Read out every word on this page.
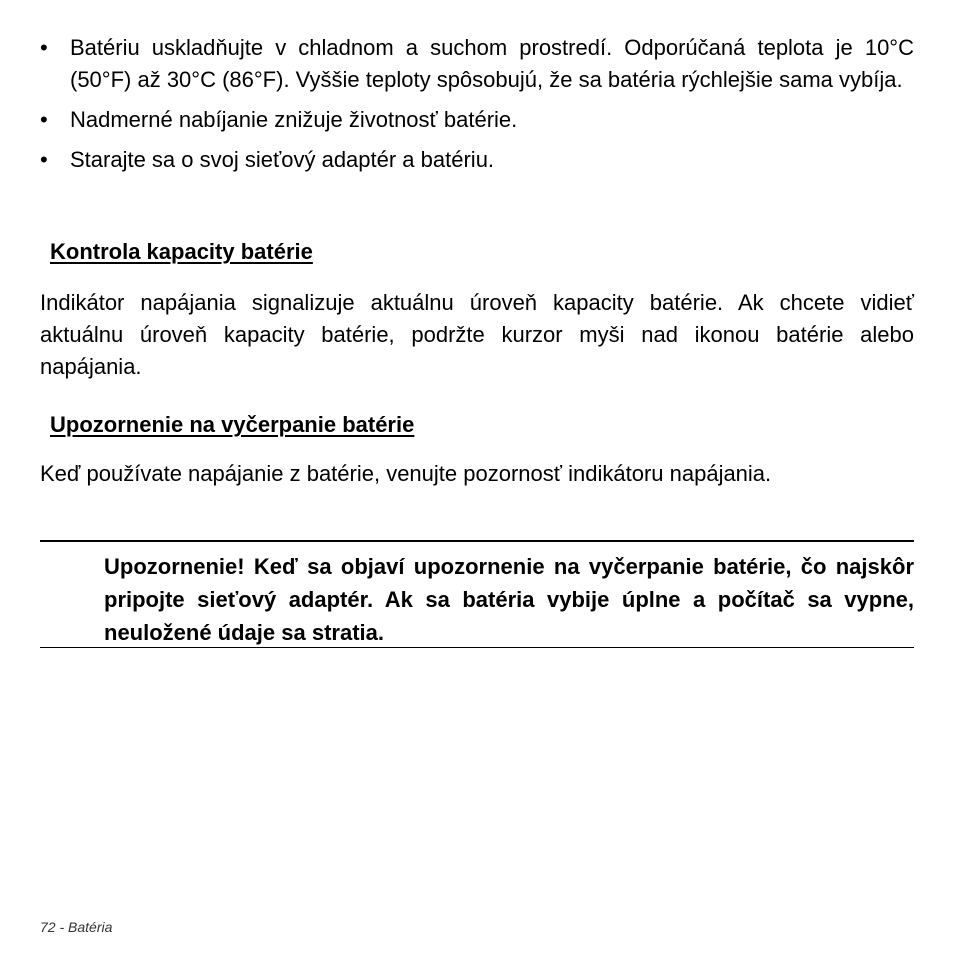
• Batériu uskladňujte v chladnom a suchom prostredí. Odporúčaná teplota je 10°C (50°F) až 30°C (86°F). Vyššie teploty spôsobujú, že sa batéria rýchlejšie sama vybíja.
• Nadmerné nabíjanie znižuje životnosť batérie.
• Starajte sa o svoj sieťový adaptér a batériu.
Kontrola kapacity batérie

Indikátor napájania signalizuje aktuálnu úroveň kapacity batérie. Ak chcete vidieť aktuálnu úroveň kapacity batérie, podržte kurzor myši nad ikonou batérie alebo napájania.

Upozornenie na vyčerpanie batérie

Keď používate napájanie z batérie, venujte pozornosť indikátoru napájania.

Upozornenie! Keď sa objaví upozornenie na vyčerpanie batérie, čo najskôr pripojte sieťový adaptér. Ak sa batéria vybije úplne a počítač sa vypne, neuložené údaje sa stratia.

72 - Batéria
